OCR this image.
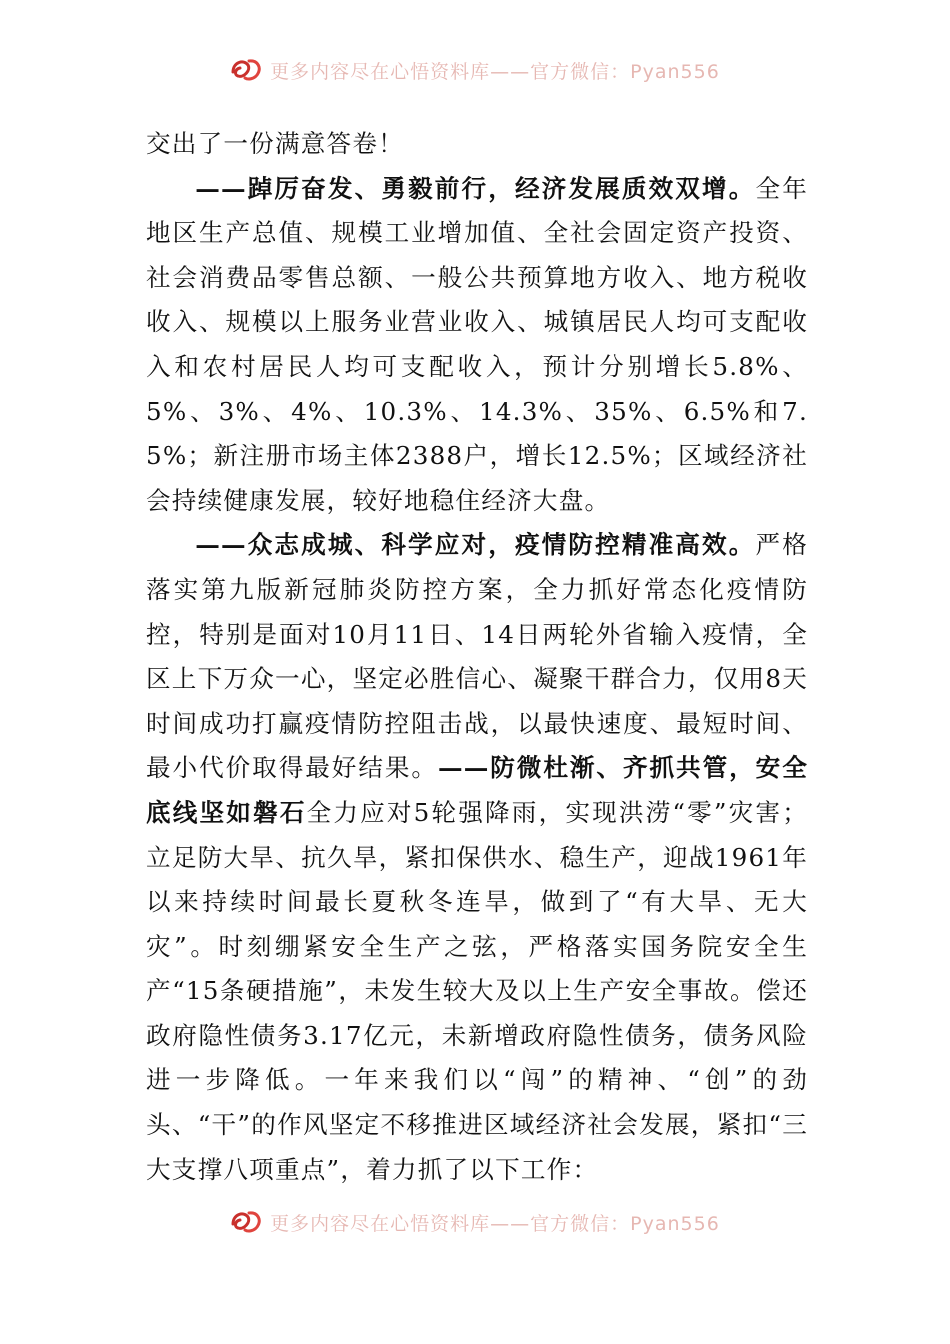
更多内容尽在心悟资料库——官方微信：Pyan556

交出了一份满意答卷！

——踔厉奋发、勇毅前行，经济发展质效双增。全年地区生产总值、规模工业增加值、全社会固定资产投资、社会消费品零售总额、一般公共预算地方收入、地方税收收入、规模以上服务业营业收入、城镇居民人均可支配收入和农村居民人均可支配收入，预计分别增长5.8%、5%、3%、4%、10.3%、14.3%、35%、6.5%和7.5%；新注册市场主体2388户，增长12.5%；区域经济社会持续健康发展，较好地稳住经济大盘。

——众志成城、科学应对，疫情防控精准高效。严格落实第九版新冠肺炎防控方案，全力抓好常态化疫情防控，特别是面对10月11日、14日两轮外省输入疫情，全区上下万众一心，坚定必胜信心、凝聚干群合力，仅用8天时间成功打赢疫情防控阻击战，以最快速度、最短时间、最小代价取得最好结果。——防微杜渐、齐抓共管，安全底线坚如磐石全力应对5轮强降雨，实现洪涝“零”灾害；立足防大旱、抗久旱，紧扣保供水、稳生产，迎战1961年以来持续时间最长夏秋冬连旱，做到了“有大旱、无大灾”。时刻绷紧安全生产之弦，严格落实国务院安全生产“15条硬措施”，未发生较大及以上生产安全事故。偿还政府隐性债务3.17亿元，未新增政府隐性债务，债务风险进一步降低。一年来我们以“闯”的精神、“创”的劲头、“干”的作风坚定不移推进区域经济社会发展，紧扣“三大支撑八项重点”，着力抓了以下工作：

更多内容尽在心悟资料库——官方微信：Pyan556
